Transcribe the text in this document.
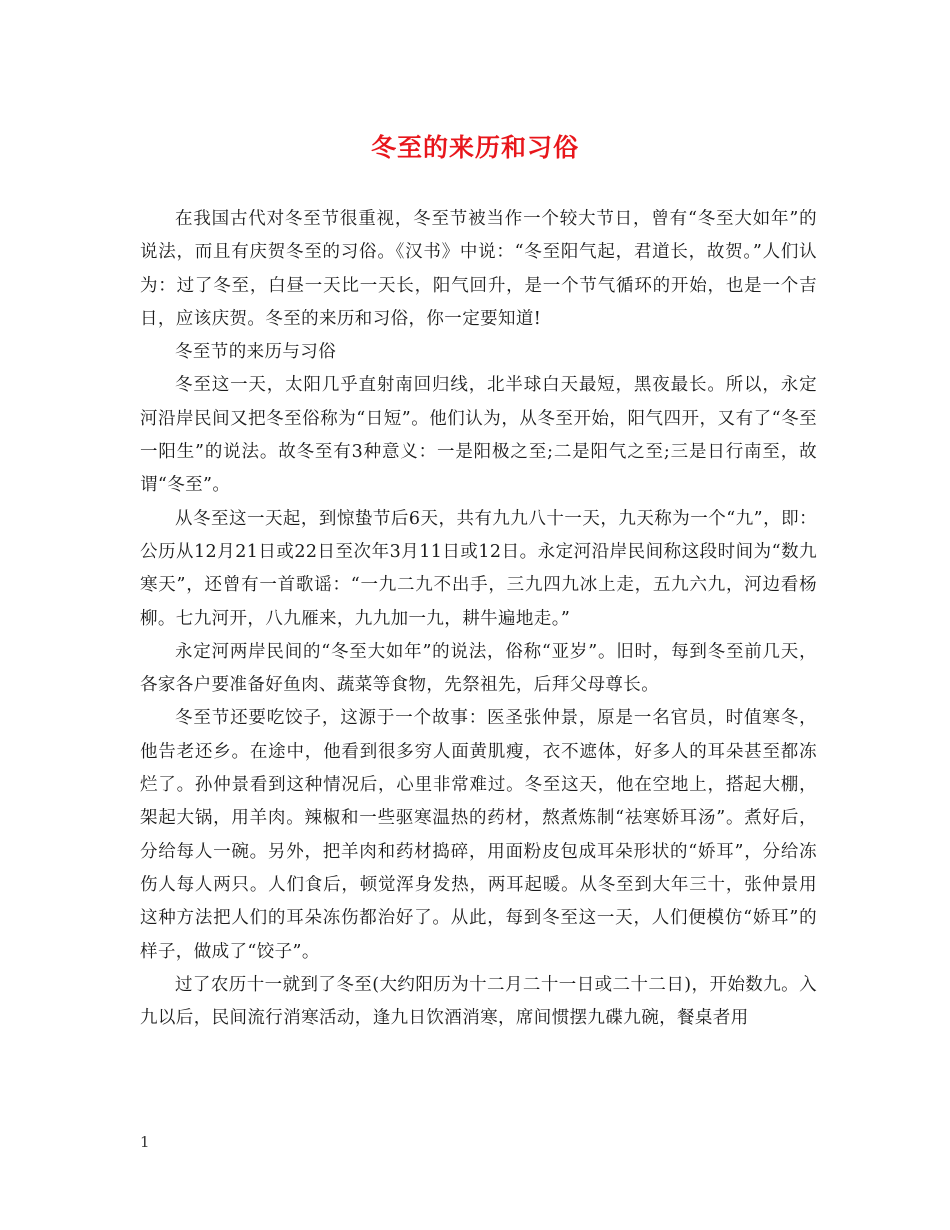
冬至的来历和习俗

在我国古代对冬至节很重视，冬至节被当作一个较大节日，曾有“冬至大如年”的说法，而且有庆贺冬至的习俗。《汉书》中说：“冬至阳气起，君道长，故贺。”人们认为：过了冬至，白昼一天比一天长，阳气回升，是一个节气循环的开始，也是一个吉日，应该庆贺。冬至的来历和习俗，你一定要知道!

冬至节的来历与习俗

冬至这一天，太阳几乎直射南回归线，北半球白天最短，黑夜最长。所以，永定河沿岸民间又把冬至俗称为“日短”。他们认为，从冬至开始，阳气四开，又有了“冬至一阳生”的说法。故冬至有3种意义：一是阳极之至;二是阳气之至;三是日行南至，故谓“冬至”。

从冬至这一天起，到惊蛰节后6天，共有九九八十一天，九天称为一个“九”，即：公历从12月21日或22日至次年3月11日或12日。永定河沿岸民间称这段时间为“数九寒天”，还曾有一首歌谣：“一九二九不出手，三九四九冰上走，五九六九，河边看杨柳。七九河开，八九雁来，九九加一九，耕牛遍地走。”

永定河两岸民间的“冬至大如年”的说法，俗称“亚岁”。旧时，每到冬至前几天，各家各户要准备好鱼肉、蔬菜等食物，先祭祖先，后拜父母尊长。

冬至节还要吃饺子，这源于一个故事：医圣张仲景，原是一名官员，时值寒冬，他告老还乡。在途中，他看到很多穷人面黄肌瘦，衣不遮体，好多人的耳朵甚至都冻烂了。孙仲景看到这种情况后，心里非常难过。冬至这天，他在空地上，搭起大棚，架起大锅，用羊肉。辣椒和一些驱寒温热的药材，熬煮炼制“祛寒娇耳汤”。煮好后，分给每人一碗。另外，把羊肉和药材捣碎，用面粉皮包成耳朵形状的“娇耳”，分给冻伤人每人两只。人们食后，顿觉浑身发热，两耳起暖。从冬至到大年三十，张仲景用这种方法把人们的耳朵冻伤都治好了。从此，每到冬至这一天，人们便模仿“娇耳”的样子，做成了“饺子”。

过了农历十一就到了冬至(大约阳历为十二月二十一日或二十二日)，开始数九。入九以后，民间流行消寒活动，逢九日饮酒消寒，席间惯摆九碟九碗，餐桌者用

1
